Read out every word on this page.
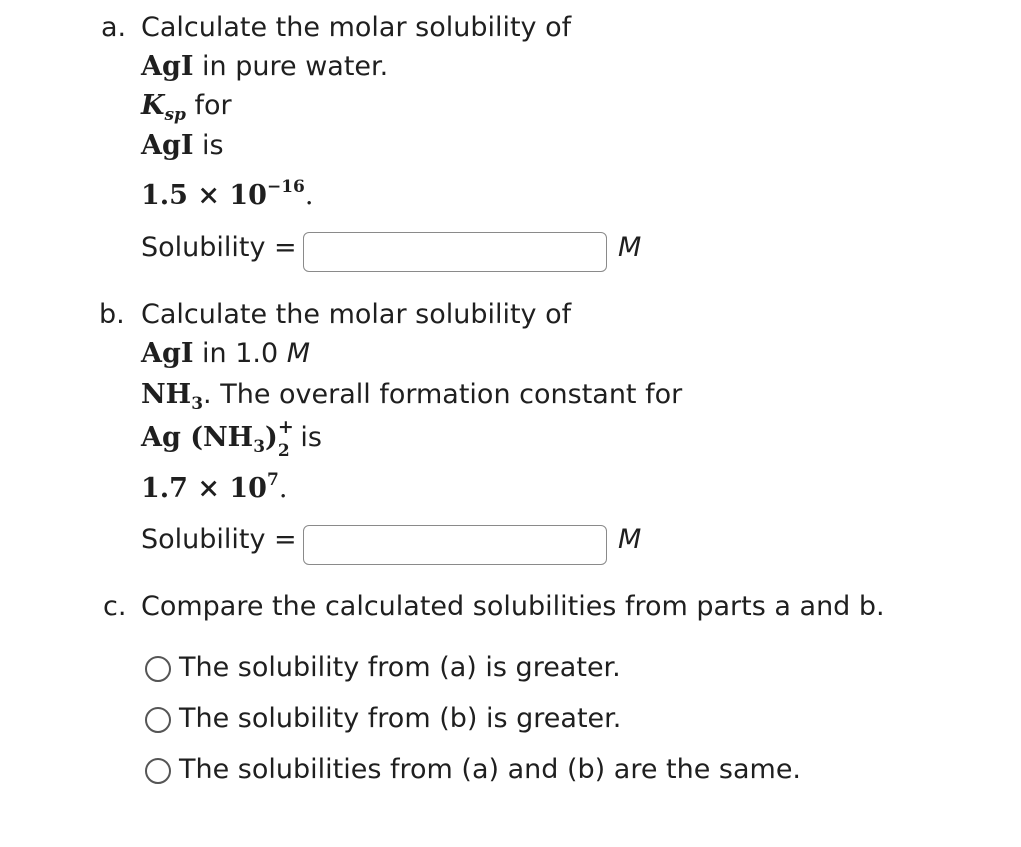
a. Calculate the molar solubility of
AgI in pure water.
$K_{sp}$ for
AgI is
$1.5 \times 10^{-16}$.
Solubility =	M
b. Calculate the molar solubility of
AgI in 1.0 M
$NH_3$. The overall formation constant for
Ag $(NH_3)$ 2
+
is
$1.7 \times 10^7$.
Solubility =	M
c. Compare the calculated solubilities from parts a and b.
The solubility from (a) is greater.
The solubility from (b) is greater.
The solubilities from (a) and (b) are the same.
